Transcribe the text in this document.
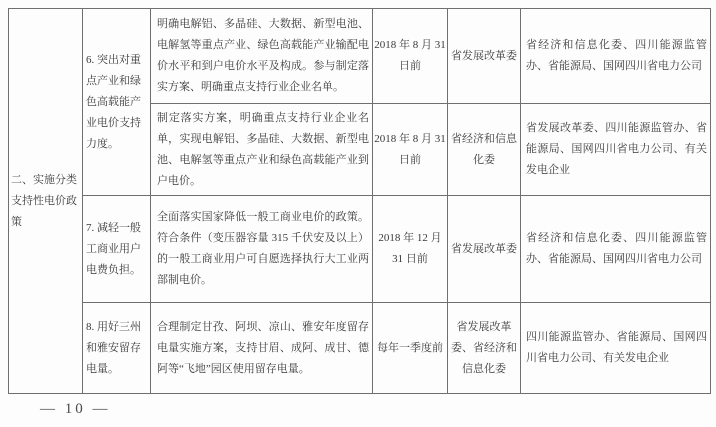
二、实施分类支持性电价政策	6. 突出对重点产业和绿色高载能产业电价支持力度。	明确电解铝、多晶硅、大数据、新型电池、电解氢等重点产业、绿色高载能产业输配电价水平和到户电价水平及构成。参与制定落实方案、明确重点支持行业企业名单。	2018 年 8 月 31 日前	省发展改革委	省经济和信息化委、四川能源监管办、省能源局、国网四川省电力公司
		制定落实方案，明确重点支持行业企业名单，实现电解铝、多晶硅、大数据、新型电池、电解氢等重点产业和绿色高载能产业到户电价。	2018 年 8 月 31 日前	省经济和信息化委	省发展改革委、四川能源监管办、省能源局、国网四川省电力公司、有关发电企业
	7. 减轻一般工商业用户电费负担。	全面落实国家降低一般工商业电价的政策。符合条件（变压器容量 315 千伏安及以上）的一般工商业用户可自愿选择执行大工业两部制电价。	2018 年 12 月 31 日前	省发展改革委	省经济和信息化委、四川能源监管办、省能源局、国网四川省电力公司
	8. 用好三州和雅安留存电量。	合理制定甘孜、阿坝、凉山、雅安年度留存电量实施方案，支持甘眉、成阿、成甘、德阿等“飞地”园区使用留存电量。	每年一季度前	省发展改革委、省经济和信息化委	四川能源监管办、省能源局、国网四川省电力公司、有关发电企业
— 10 —
